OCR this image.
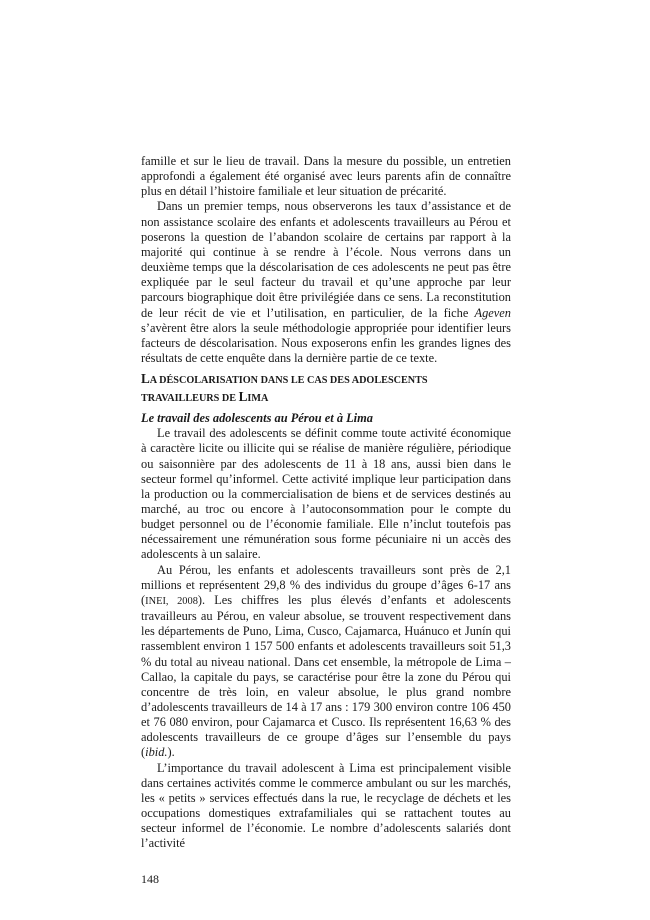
famille et sur le lieu de travail. Dans la mesure du possible, un entretien approfondi a également été organisé avec leurs parents afin de connaître plus en détail l’histoire familiale et leur situation de précarité.

Dans un premier temps, nous observerons les taux d’assistance et de non assistance scolaire des enfants et adolescents travailleurs au Pérou et poserons la question de l’abandon scolaire de certains par rapport à la majorité qui continue à se rendre à l’école. Nous verrons dans un deuxième temps que la déscolarisation de ces adolescents ne peut pas être expliquée par le seul facteur du travail et qu’une approche par leur parcours biographique doit être privilégiée dans ce sens. La reconstitution de leur récit de vie et l’utilisation, en particulier, de la fiche Ageven s’avèrent être alors la seule méthodologie appropriée pour identifier leurs facteurs de déscolarisation. Nous exposerons enfin les grandes lignes des résultats de cette enquête dans la dernière partie de ce texte.

LA DÉSCOLARISATION DANS LE CAS DES ADOLESCENTS
TRAVAILLEURS DE LIMA
Le travail des adolescents au Pérou et à Lima

Le travail des adolescents se définit comme toute activité économique à caractère licite ou illicite qui se réalise de manière régulière, périodique ou saisonnière par des adolescents de 11 à 18 ans, aussi bien dans le secteur formel qu’informel. Cette activité implique leur participation dans la production ou la commercialisation de biens et de services destinés au marché, au troc ou encore à l’autoconsommation pour le compte du budget personnel ou de l’économie familiale. Elle n’inclut toutefois pas nécessairement une rémunération sous forme pécuniaire ni un accès des adolescents à un salaire.

Au Pérou, les enfants et adolescents travailleurs sont près de 2,1 millions et représentent 29,8 % des individus du groupe d’âges 6-17 ans (INEI, 2008). Les chiffres les plus élevés d’enfants et adolescents travailleurs au Pérou, en valeur absolue, se trouvent respectivement dans les départements de Puno, Lima, Cusco, Cajamarca, Huánuco et Junín qui rassemblent environ 1 157 500 enfants et adolescents travailleurs soit 51,3 % du total au niveau national. Dans cet ensemble, la métropole de Lima – Callao, la capitale du pays, se caractérise pour être la zone du Pérou qui concentre de très loin, en valeur absolue, le plus grand nombre d’adolescents travailleurs de 14 à 17 ans : 179 300 environ contre 106 450 et 76 080 environ, pour Cajamarca et Cusco. Ils représentent 16,63 % des adolescents travailleurs de ce groupe d’âges sur l’ensemble du pays (ibid.).

L’importance du travail adolescent à Lima est principalement visible dans certaines activités comme le commerce ambulant ou sur les marchés, les « petits » services effectués dans la rue, le recyclage de déchets et les occupations domestiques extrafamiliales qui se rattachent toutes au secteur informel de l’économie. Le nombre d’adolescents salariés dont l’activité

148
